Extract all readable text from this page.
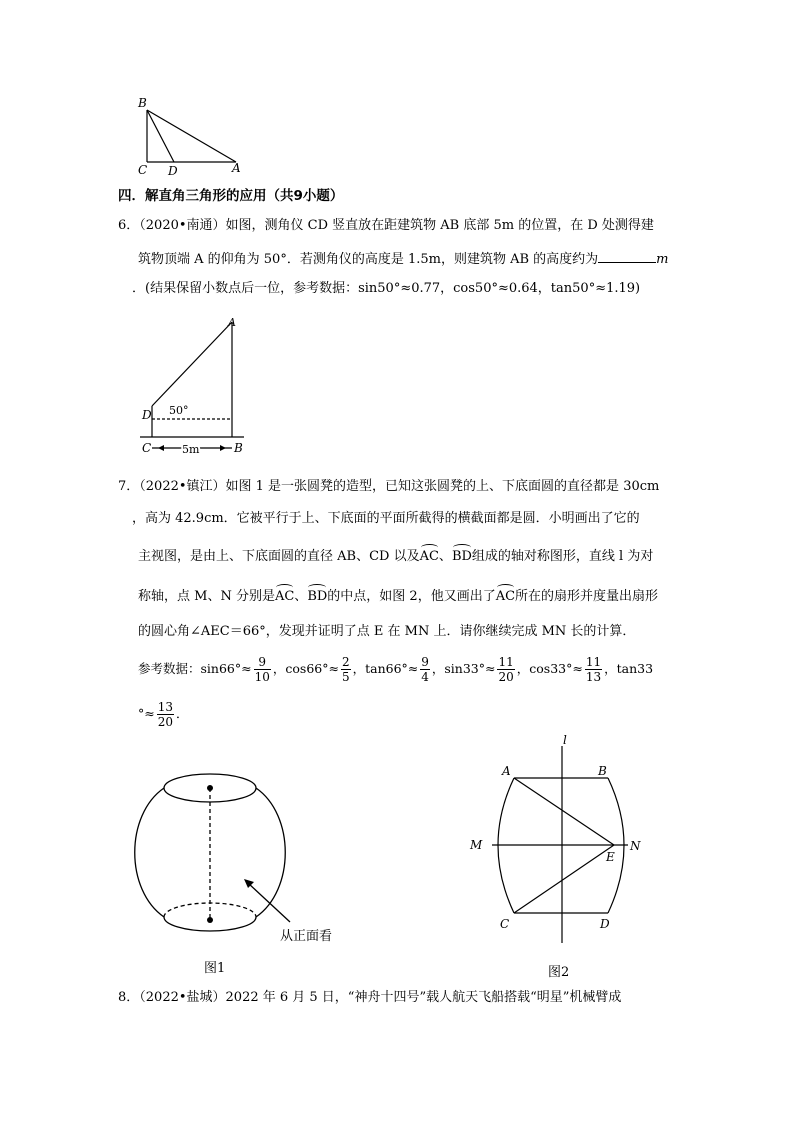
B
C D	A
四．解直角三角形的应用（共9小题）
6．（2020•南通）如图，测角仪 CD 竖直放在距建筑物 AB 底部 5m 的位置，在 D 处测得建
筑物顶端 A 的仰角为 50°．若测角仪的高度是 1.5m，则建筑物 AB 的高度约为	m
．(结果保留小数点后一位，参考数据：sin50°≈0.77，cos50°≈0.64，tan50°≈1.19)
A
D 50°
C	5m	B
7．（2022•镇江）如图 1 是一张圆凳的造型，已知这张圆凳的上、下底面圆的直径都是 30cm
，高为 42.9cm．它被平行于上、下底面的平面所截得的横截面都是圆．小明画出了它的
主视图，是由上、下底面圆的直径 AB、CD 以及AC、BD组成的轴对称图形，直线 l 为对
称轴，点 M、N 分别是AC、BD的中点，如图 2，他又画出了AC所在的扇形并度量出扇形
的圆心角∠AEC＝66°，发现并证明了点 E 在 MN 上．请你继续完成 MN 长的计算．
参考数据：$\sin 66^\circ\approx \frac{9}{10}$ ，$\cos 66^\circ\approx \frac{2}{5}$ ，$\tan 66^\circ\approx \frac{9}{4}$ ，$\sin 33^\circ\approx \frac{11}{20}$ ，$\cos 33^\circ\approx \frac{11}{13}$ ，tan33
°≈ $\frac{13}{20}$ ．
从正面看
图1
l
A	B
M	N
E
C	D
图2
8．（2022•盐城）2022 年 6 月 5 日，“神舟十四号”载人航天飞船搭载“明星”机械臂成
